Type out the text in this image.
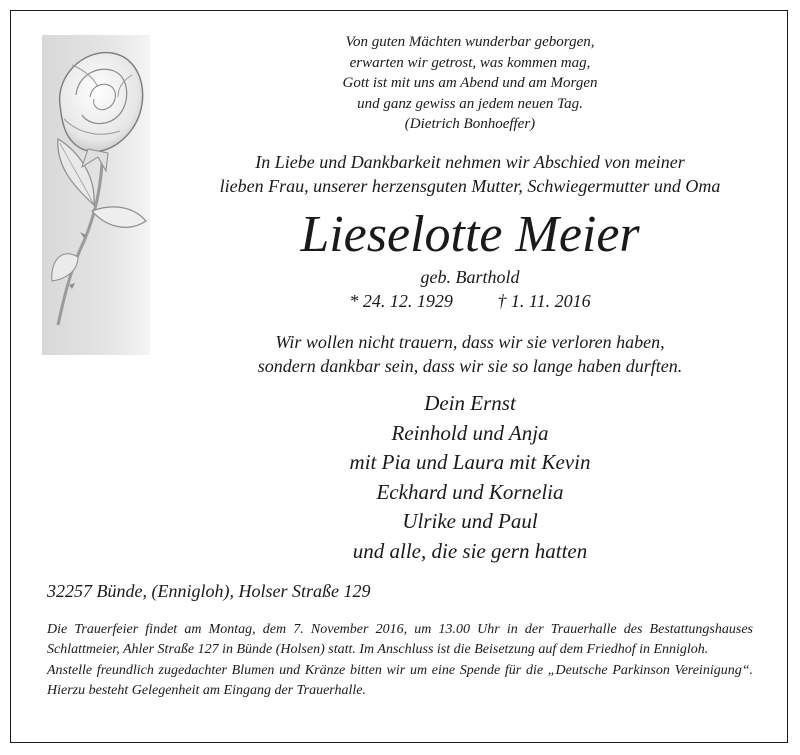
Von guten Mächten wunderbar geborgen,
erwarten wir getrost, was kommen mag,
Gott ist mit uns am Abend und am Morgen
und ganz gewiss an jedem neuen Tag.
(Dietrich Bonhoeffer)
In Liebe und Dankbarkeit nehmen wir Abschied von meiner
lieben Frau, unserer herzensguten Mutter, Schwiegermutter und Oma
Lieselotte Meier
geb. Barthold
* 24. 12. 1929 † 1. 11. 2016
Wir wollen nicht trauern, dass wir sie verloren haben,
sondern dankbar sein, dass wir sie so lange haben durften.
Dein Ernst
Reinhold und Anja
mit Pia und Laura mit Kevin
Eckhard und Kornelia
Ulrike und Paul
und alle, die sie gern hatten
32257 Bünde, (Ennigloh), Holser Straße 129

Die Trauerfeier findet am Montag, dem 7. November 2016, um 13.00 Uhr in der Trauerhalle des Bestattungshauses Schlattmeier, Ahler Straße 127 in Bünde (Holsen) statt. Im Anschluss ist die Beisetzung auf dem Friedhof in Ennigloh.

Anstelle freundlich zugedachter Blumen und Kränze bitten wir um eine Spende für die „Deutsche Parkinson Vereinigung“. Hierzu besteht Gelegenheit am Eingang der Trauerhalle.
